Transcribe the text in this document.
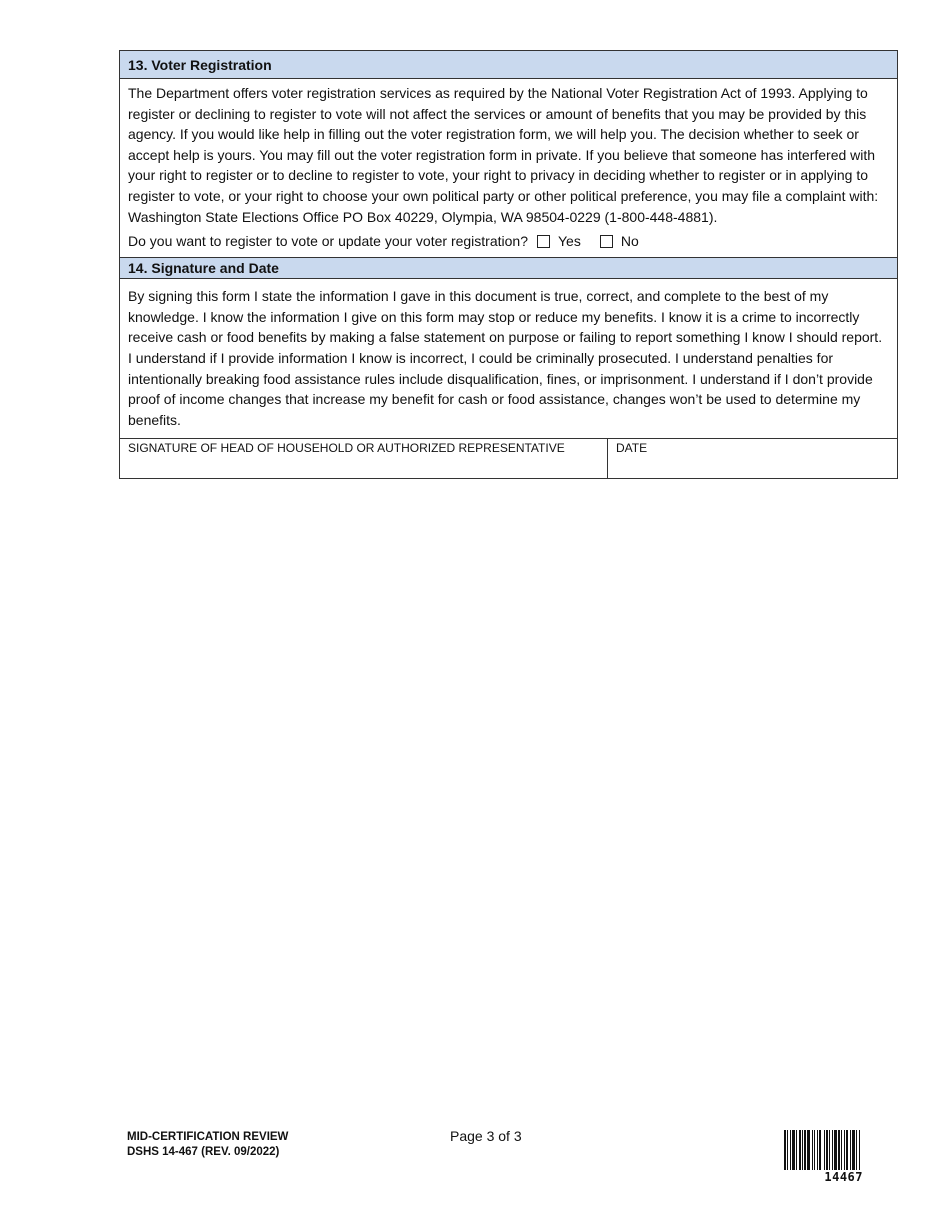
13. Voter Registration
The Department offers voter registration services as required by the National Voter Registration Act of 1993. Applying to register or declining to register to vote will not affect the services or amount of benefits that you may be provided by this agency. If you would like help in filling out the voter registration form, we will help you. The decision whether to seek or accept help is yours. You may fill out the voter registration form in private. If you believe that someone has interfered with your right to register or to decline to register to vote, your right to privacy in deciding whether to register or in applying to register to vote, or your right to choose your own political party or other political preference, you may file a complaint with: Washington State Elections Office PO Box 40229, Olympia, WA 98504-0229 (1-800-448-4881).
Do you want to register to vote or update your voter registration? Yes	No
14. Signature and Date
By signing this form I state the information I gave in this document is true, correct, and complete to the best of my knowledge. I know the information I give on this form may stop or reduce my benefits. I know it is a crime to incorrectly receive cash or food benefits by making a false statement on purpose or failing to report something I know I should report. I understand if I provide information I know is incorrect, I could be criminally prosecuted. I understand penalties for intentionally breaking food assistance rules include disqualification, fines, or imprisonment. I understand if I don’t provide proof of income changes that increase my benefit for cash or food assistance, changes won’t be used to determine my benefits.
SIGNATURE OF HEAD OF HOUSEHOLD OR AUTHORIZED REPRESENTATIVE	DATE
MID-CERTIFICATION REVIEW
DSHS 14-467 (REV. 09/2022)
Page 3 of 3
14467
